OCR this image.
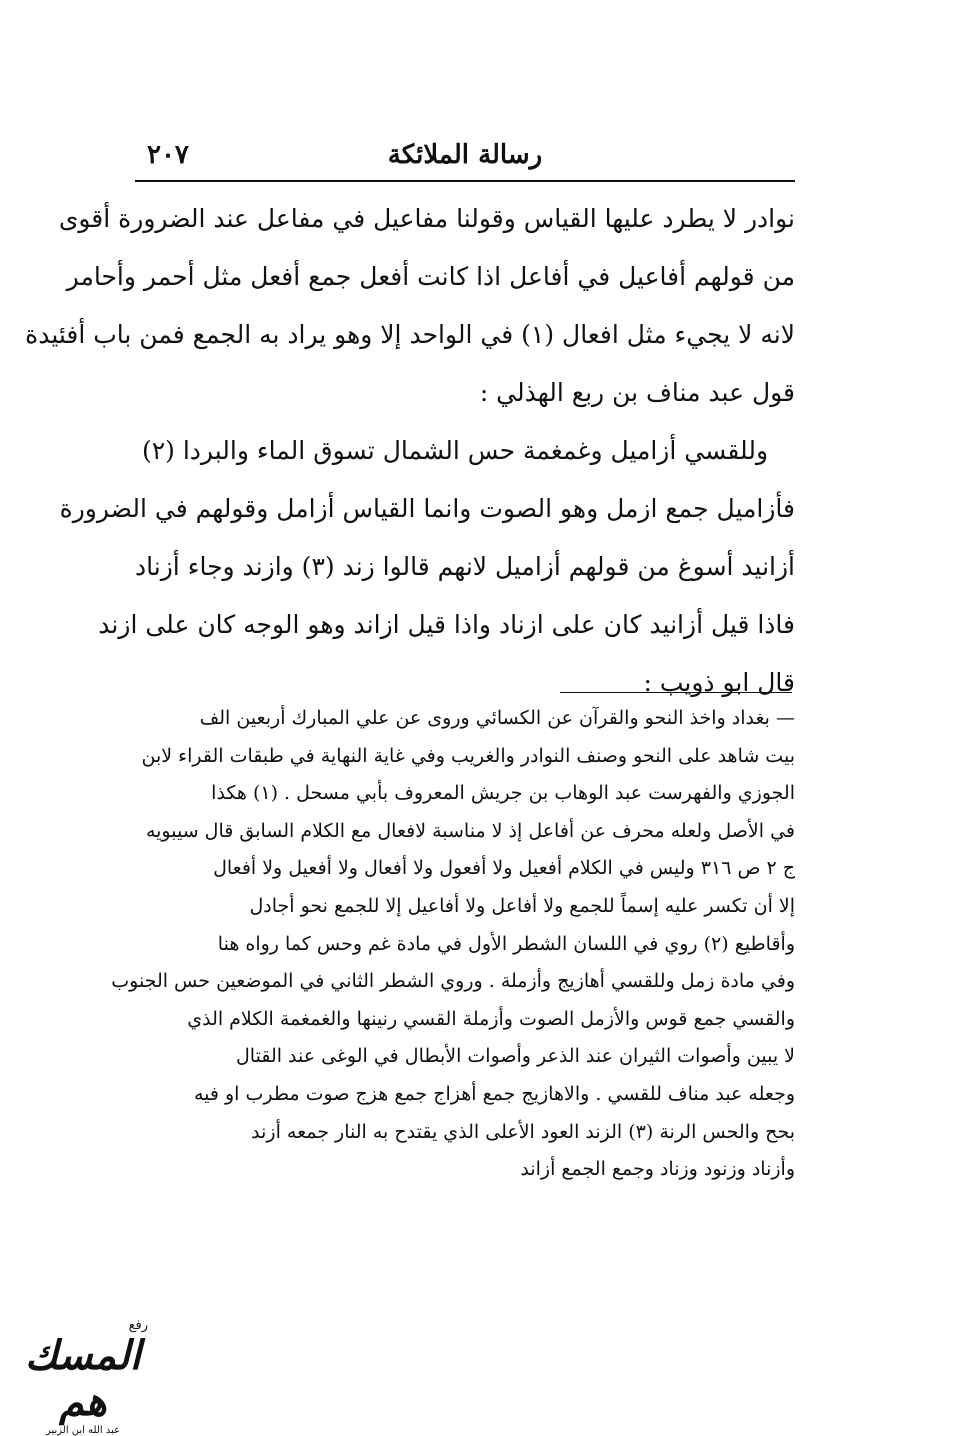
رسالة الملائكة
٢٠٧
نوادر لا يطرد عليها القياس وقولنا مفاعيل في مفاعل عند الضرورة أقوى
من قولهم أفاعيل في أفاعل اذا كانت أفعل جمع أفعل مثل أحمر وأحامر
لانه لا يجيء مثل افعال (١) في الواحد إلا وهو يراد به الجمع فمن باب أفئيدة
قول عبد مناف بن ربع الهذلي :
وللقسي أزاميل وغمغمة حس الشمال تسوق الماء والبردا (٢)
فأزاميل جمع ازمل وهو الصوت وانما القياس أزامل وقولهم في الضرورة
أزانيد أسوغ من قولهم أزاميل لانهم قالوا زند (٣) وازند وجاء أزناد
فاذا قيل أزانيد كان على ازناد واذا قيل ازاند وهو الوجه كان على ازند
قال ابو ذويب :
— بغداد واخذ النحو والقرآن عن الكسائي وروى عن علي المبارك أربعين الف
بيت شاهد على النحو وصنف النوادر والغريب وفي غاية النهاية في طبقات القراء لابن
الجوزي والفهرست عبد الوهاب بن جريش المعروف بأبي مسحل . (١) هكذا
في الأصل ولعله محرف عن أفاعل إذ لا مناسبة لافعال مع الكلام السابق قال سيبويه
ج ٢ ص ٣١٦ وليس في الكلام أفعيل ولا أفعول ولا أفعال ولا أفعيل ولا أفعال
إلا أن تكسر عليه إسماً للجمع ولا أفاعل ولا أفاعيل إلا للجمع نحو أجادل
وأقاطيع (٢) روي في اللسان الشطر الأول في مادة غم وحس كما رواه هنا
وفي مادة زمل وللقسي أهازيج وأزملة . وروي الشطر الثاني في الموضعين حس الجنوب
والقسي جمع قوس والأزمل الصوت وأزملة القسي رنينها والغمغمة الكلام الذي
لا يبين وأصوات الثيران عند الذعر وأصوات الأبطال في الوغى عند القتال
وجعله عبد مناف للقسي . والاهازيج جمع أهزاج جمع هزج صوت مطرب او فيه
بحح والحس الرنة (٣) الزند العود الأعلى الذي يقتدح به النار جمعه أزند
وأزناد وزنود وزناد وجمع الجمع أزاند
رفع
المسك هم
عبد الله ابن الزبير
